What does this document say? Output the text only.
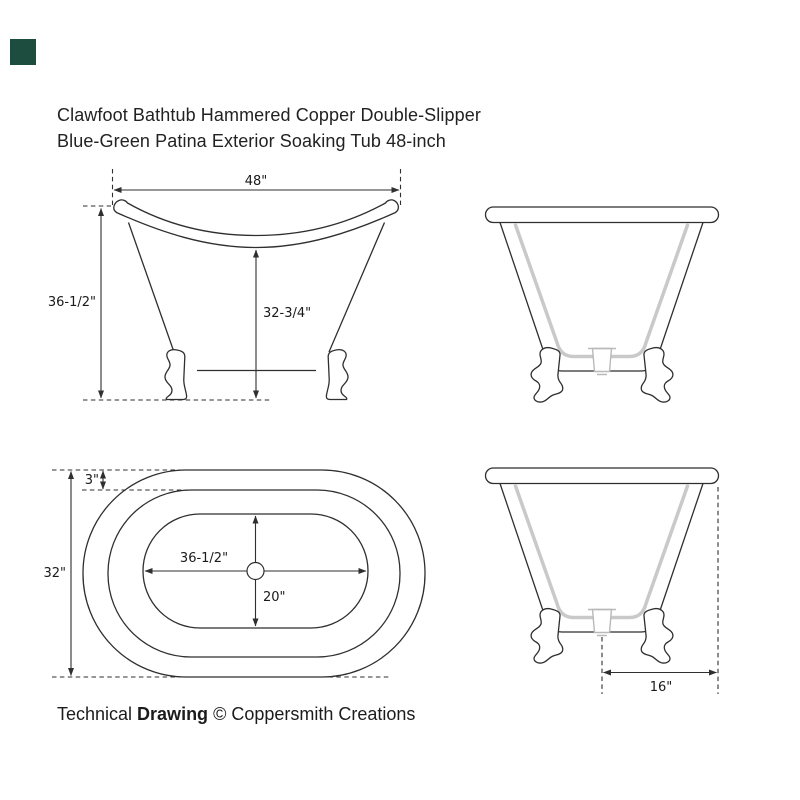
Clawfoot Bathtub Hammered Copper Double-Slipper
Blue-Green Patina Exterior Soaking Tub 48-inch
48"
36-1/2"
32-3/4"
36-1/2"
20"
32"
3"
16"
Technical Drawing © Coppersmith Creations
